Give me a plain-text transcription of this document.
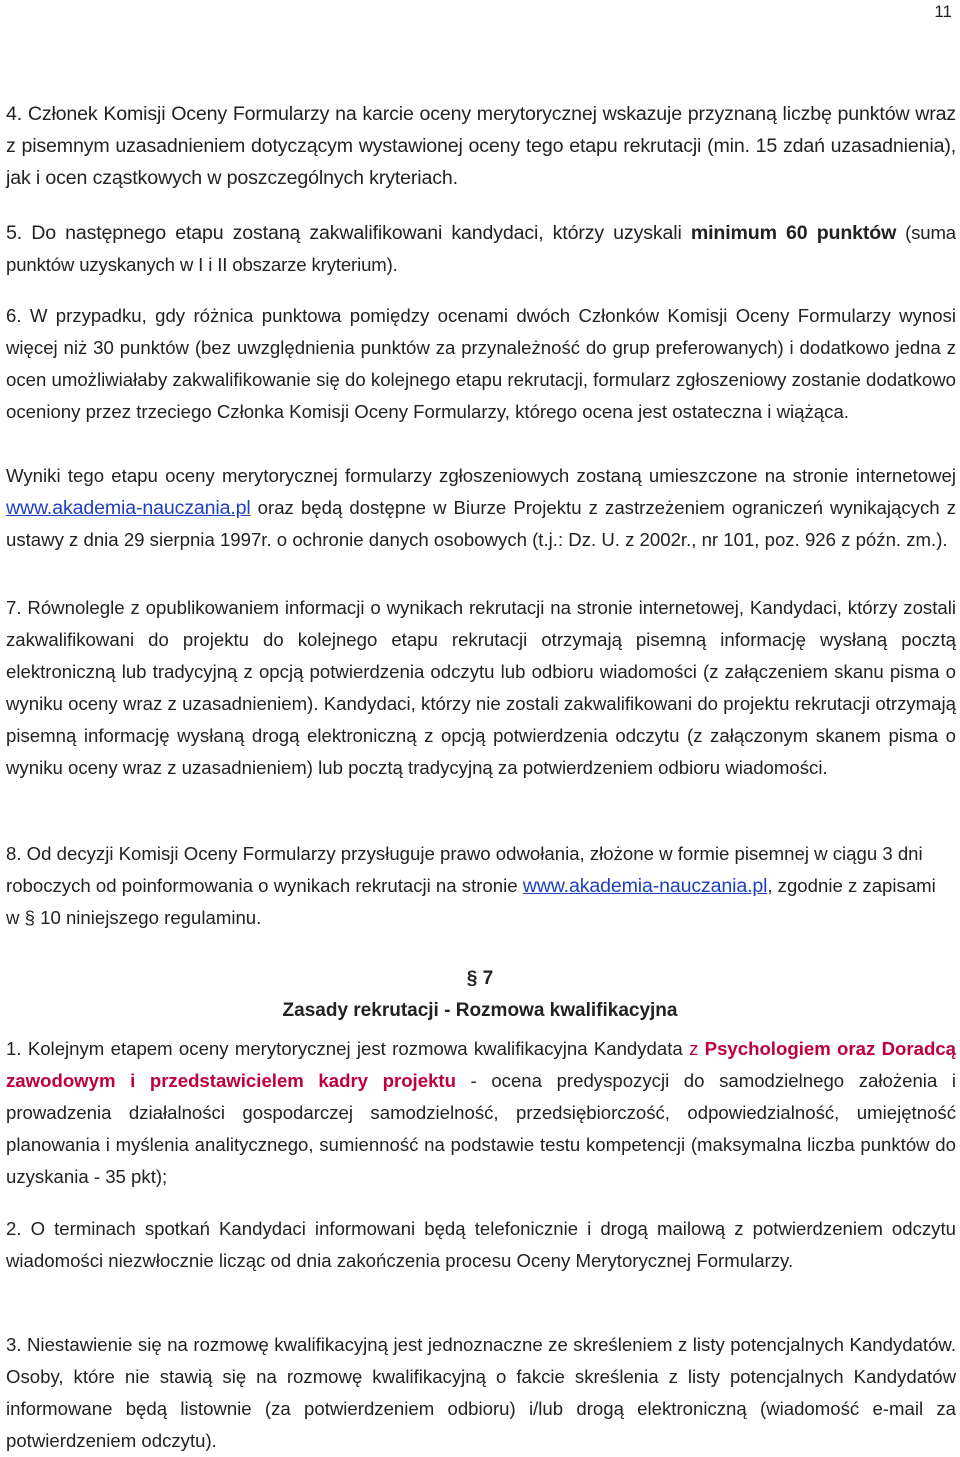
11

4. Członek Komisji Oceny Formularzy na karcie oceny merytorycznej wskazuje przyznaną liczbę punktów wraz z pisemnym uzasadnieniem dotyczącym wystawionej oceny tego etapu rekrutacji (min. 15 zdań uzasadnienia), jak i ocen cząstkowych w poszczególnych kryteriach.

5. Do następnego etapu zostaną zakwalifikowani kandydaci, którzy uzyskali minimum 60 punktów (suma punktów uzyskanych w I i II obszarze kryterium).

6. W przypadku, gdy różnica punktowa pomiędzy ocenami dwóch Członków Komisji Oceny Formularzy wynosi więcej niż 30 punktów (bez uwzględnienia punktów za przynależność do grup preferowanych) i dodatkowo jedna z ocen umożliwiałaby zakwalifikowanie się do kolejnego etapu rekrutacji, formularz zgłoszeniowy zostanie dodatkowo oceniony przez trzeciego Członka Komisji Oceny Formularzy, którego ocena jest ostateczna i wiążąca.

Wyniki tego etapu oceny merytorycznej formularzy zgłoszeniowych zostaną umieszczone na stronie internetowej www.akademia-nauczania.pl oraz będą dostępne w Biurze Projektu z zastrzeżeniem ograniczeń wynikających z ustawy z dnia 29 sierpnia 1997r. o ochronie danych osobowych (t.j.: Dz. U. z 2002r., nr 101, poz. 926 z późn. zm.).

7. Równolegle z opublikowaniem informacji o wynikach rekrutacji na stronie internetowej, Kandydaci, którzy zostali zakwalifikowani do projektu do kolejnego etapu rekrutacji otrzymają pisemną informację wysłaną pocztą elektroniczną lub tradycyjną z opcją potwierdzenia odczytu lub odbioru wiadomości (z załączeniem skanu pisma o wyniku oceny wraz z uzasadnieniem). Kandydaci, którzy nie zostali zakwalifikowani do projektu rekrutacji otrzymają pisemną informację wysłaną drogą elektroniczną z opcją potwierdzenia odczytu (z załączonym skanem pisma o wyniku oceny wraz z uzasadnieniem) lub pocztą tradycyjną za potwierdzeniem odbioru wiadomości.

8. Od decyzji Komisji Oceny Formularzy przysługuje prawo odwołania, złożone w formie pisemnej w ciągu 3 dni roboczych od poinformowania o wynikach rekrutacji na stronie www.akademia-nauczania.pl, zgodnie z zapisami w § 10 niniejszego regulaminu.

§ 7
Zasady rekrutacji - Rozmowa kwalifikacyjna

1. Kolejnym etapem oceny merytorycznej jest rozmowa kwalifikacyjna Kandydata z Psychologiem oraz Doradcą zawodowym i przedstawicielem kadry projektu - ocena predyspozycji do samodzielnego założenia i prowadzenia działalności gospodarczej samodzielność, przedsiębiorczość, odpowiedzialność, umiejętność planowania i myślenia analitycznego, sumienność na podstawie testu kompetencji (maksymalna liczba punktów do uzyskania - 35 pkt);

2. O terminach spotkań Kandydaci informowani będą telefonicznie i drogą mailową z potwierdzeniem odczytu wiadomości niezwłocznie licząc od dnia zakończenia procesu Oceny Merytorycznej Formularzy.

3. Niestawienie się na rozmowę kwalifikacyjną jest jednoznaczne ze skreśleniem z listy potencjalnych Kandydatów. Osoby, które nie stawią się na rozmowę kwalifikacyjną o fakcie skreślenia z listy potencjalnych Kandydatów informowane będą listownie (za potwierdzeniem odbioru) i/lub drogą elektroniczną (wiadomość e-mail za potwierdzeniem odczytu).
